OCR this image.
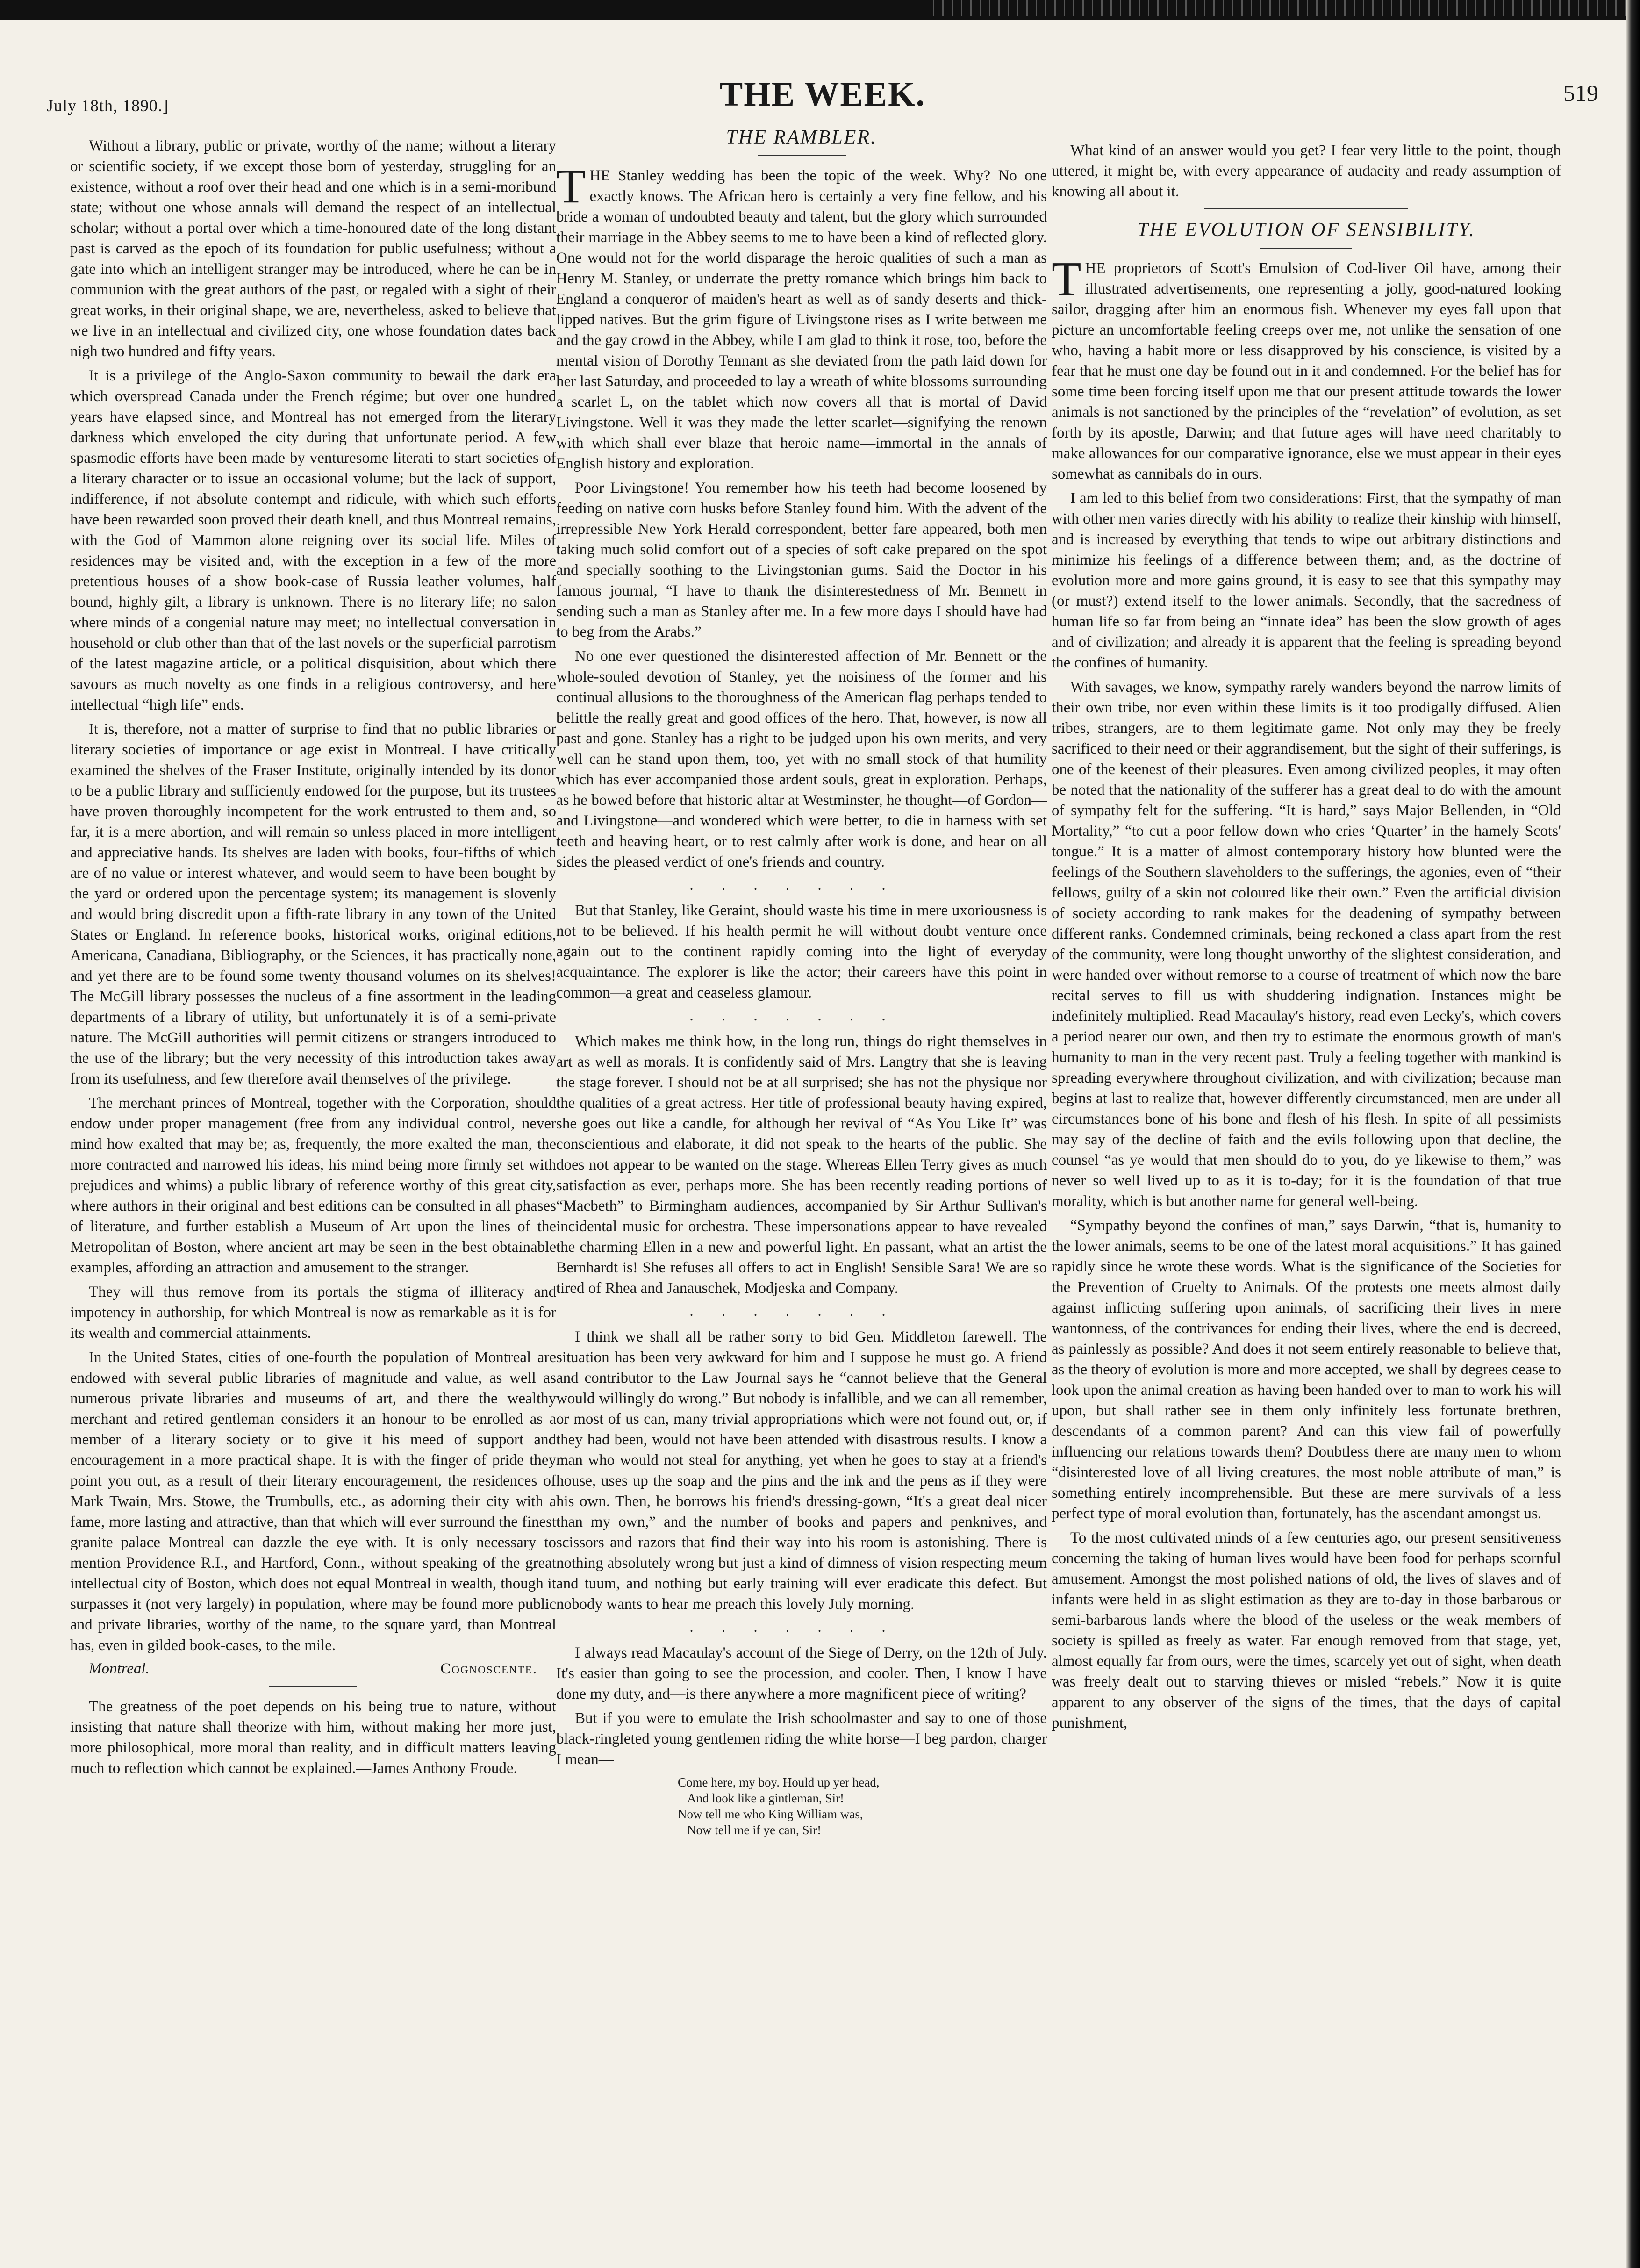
July 18th, 1890.]	THE WEEK.	519

Without a library, public or private, worthy of the name; without a literary or scientific society, if we except those born of yesterday, struggling for an existence, without a roof over their head and one which is in a semi-moribund state; without one whose annals will demand the respect of an intellectual scholar; without a portal over which a time-honoured date of the long distant past is carved as the epoch of its foundation for public usefulness; without a gate into which an intelligent stranger may be introduced, where he can be in communion with the great authors of the past, or regaled with a sight of their great works, in their original shape, we are, nevertheless, asked to believe that we live in an intellectual and civilized city, one whose foundation dates back nigh two hundred and fifty years.

It is a privilege of the Anglo-Saxon community to bewail the dark era which overspread Canada under the French régime; but over one hundred years have elapsed since, and Montreal has not emerged from the literary darkness which enveloped the city during that unfortunate period. A few spasmodic efforts have been made by venturesome literati to start societies of a literary character or to issue an occasional volume; but the lack of support, indifference, if not absolute contempt and ridicule, with which such efforts have been rewarded soon proved their death knell, and thus Montreal remains, with the God of Mammon alone reigning over its social life. Miles of residences may be visited and, with the exception in a few of the more pretentious houses of a show book-case of Russia leather volumes, half bound, highly gilt, a library is unknown. There is no literary life; no salon where minds of a congenial nature may meet; no intellectual conversation in household or club other than that of the last novels or the superficial parrotism of the latest magazine article, or a political disquisition, about which there savours as much novelty as one finds in a religious controversy, and here intellectual “high life” ends.

It is, therefore, not a matter of surprise to find that no public libraries or literary societies of importance or age exist in Montreal. I have critically examined the shelves of the Fraser Institute, originally intended by its donor to be a public library and sufficiently endowed for the purpose, but its trustees have proven thoroughly incompetent for the work entrusted to them and, so far, it is a mere abortion, and will remain so unless placed in more intelligent and appreciative hands. Its shelves are laden with books, four-fifths of which are of no value or interest whatever, and would seem to have been bought by the yard or ordered upon the percentage system; its management is slovenly and would bring discredit upon a fifth-rate library in any town of the United States or England. In reference books, historical works, original editions, Americana, Canadiana, Bibliography, or the Sciences, it has practically none, and yet there are to be found some twenty thousand volumes on its shelves! The McGill library possesses the nucleus of a fine assortment in the leading departments of a library of utility, but unfortunately it is of a semi-private nature. The McGill authorities will permit citizens or strangers introduced to the use of the library; but the very necessity of this introduction takes away from its usefulness, and few therefore avail themselves of the privilege.

The merchant princes of Montreal, together with the Corporation, should endow under proper management (free from any individual control, never mind how exalted that may be; as, frequently, the more exalted the man, the more contracted and narrowed his ideas, his mind being more firmly set with prejudices and whims) a public library of reference worthy of this great city, where authors in their original and best editions can be consulted in all phases of literature, and further establish a Museum of Art upon the lines of the Metropolitan of Boston, where ancient art may be seen in the best obtainable examples, affording an attraction and amusement to the stranger.

They will thus remove from its portals the stigma of illiteracy and impotency in authorship, for which Montreal is now as remarkable as it is for its wealth and commercial attainments.

In the United States, cities of one-fourth the population of Montreal are endowed with several public libraries of magnitude and value, as well as numerous private libraries and museums of art, and there the wealthy merchant and retired gentleman considers it an honour to be enrolled as a member of a literary society or to give it his meed of support and encouragement in a more practical shape. It is with the finger of pride they point you out, as a result of their literary encouragement, the residences of Mark Twain, Mrs. Stowe, the Trumbulls, etc., as adorning their city with a fame, more lasting and attractive, than that which will ever surround the finest granite palace Montreal can dazzle the eye with. It is only necessary to mention Providence R.I., and Hartford, Conn., without speaking of the great intellectual city of Boston, which does not equal Montreal in wealth, though it surpasses it (not very largely) in population, where may be found more public and private libraries, worthy of the name, to the square yard, than Montreal has, even in gilded book-cases, to the mile.

Montreal.	Cognoscente.

The greatness of the poet depends on his being true to nature, without insisting that nature shall theorize with him, without making her more just, more philosophical, more moral than reality, and in difficult matters leaving much to reflection which cannot be explained.—James Anthony Froude.

THE RAMBLER.

THE Stanley wedding has been the topic of the week. Why? No one exactly knows. The African hero is certainly a very fine fellow, and his bride a woman of undoubted beauty and talent, but the glory which surrounded their marriage in the Abbey seems to me to have been a kind of reflected glory. One would not for the world disparage the heroic qualities of such a man as Henry M. Stanley, or underrate the pretty romance which brings him back to England a conqueror of maiden's heart as well as of sandy deserts and thick-lipped natives. But the grim figure of Livingstone rises as I write between me and the gay crowd in the Abbey, while I am glad to think it rose, too, before the mental vision of Dorothy Tennant as she deviated from the path laid down for her last Saturday, and proceeded to lay a wreath of white blossoms surrounding a scarlet L, on the tablet which now covers all that is mortal of David Livingstone. Well it was they made the letter scarlet—signifying the renown with which shall ever blaze that heroic name—immortal in the annals of English history and exploration.

Poor Livingstone! You remember how his teeth had become loosened by feeding on native corn husks before Stanley found him. With the advent of the irrepressible New York Herald correspondent, better fare appeared, both men taking much solid comfort out of a species of soft cake prepared on the spot and specially soothing to the Livingstonian gums. Said the Doctor in his famous journal, “I have to thank the disinterestedness of Mr. Bennett in sending such a man as Stanley after me. In a few more days I should have had to beg from the Arabs.”

No one ever questioned the disinterested affection of Mr. Bennett or the whole-souled devotion of Stanley, yet the noisiness of the former and his continual allusions to the thoroughness of the American flag perhaps tended to belittle the really great and good offices of the hero. That, however, is now all past and gone. Stanley has a right to be judged upon his own merits, and very well can he stand upon them, too, yet with no small stock of that humility which has ever accompanied those ardent souls, great in exploration. Perhaps, as he bowed before that historic altar at Westminster, he thought—of Gordon—and Livingstone—and wondered which were better, to die in harness with set teeth and heaving heart, or to rest calmly after work is done, and hear on all sides the pleased verdict of one's friends and country.

.......

But that Stanley, like Geraint, should waste his time in mere uxoriousness is not to be believed. If his health permit he will without doubt venture once again out to the continent rapidly coming into the light of everyday acquaintance. The explorer is like the actor; their careers have this point in common—a great and ceaseless glamour.

.......

Which makes me think how, in the long run, things do right themselves in art as well as morals. It is confidently said of Mrs. Langtry that she is leaving the stage forever. I should not be at all surprised; she has not the physique nor the qualities of a great actress. Her title of professional beauty having expired, she goes out like a candle, for although her revival of “As You Like It” was conscientious and elaborate, it did not speak to the hearts of the public. She does not appear to be wanted on the stage. Whereas Ellen Terry gives as much satisfaction as ever, perhaps more. She has been recently reading portions of “Macbeth” to Birmingham audiences, accompanied by Sir Arthur Sullivan's incidental music for orchestra. These impersonations appear to have revealed the charming Ellen in a new and powerful light. En passant, what an artist the Bernhardt is! She refuses all offers to act in English! Sensible Sara! We are so tired of Rhea and Janauschek, Modjeska and Company.

.......

I think we shall all be rather sorry to bid Gen. Middleton farewell. The situation has been very awkward for him and I suppose he must go. A friend and contributor to the Law Journal says he “cannot believe that the General would willingly do wrong.” But nobody is infallible, and we can all remember, or most of us can, many trivial appropriations which were not found out, or, if they had been, would not have been attended with disastrous results. I know a man who would not steal for anything, yet when he goes to stay at a friend's house, uses up the soap and the pins and the ink and the pens as if they were his own. Then, he borrows his friend's dressing-gown, “It's a great deal nicer than my own,” and the number of books and papers and penknives, and scissors and razors that find their way into his room is astonishing. There is nothing absolutely wrong but just a kind of dimness of vision respecting meum and tuum, and nothing but early training will ever eradicate this defect. But nobody wants to hear me preach this lovely July morning.

.......

I always read Macaulay's account of the Siege of Derry, on the 12th of July. It's easier than going to see the procession, and cooler. Then, I know I have done my duty, and—is there anywhere a more magnificent piece of writing?

But if you were to emulate the Irish schoolmaster and say to one of those black-ringleted young gentlemen riding the white horse—I beg pardon, charger I mean—

Come here, my boy. Hould up yer head,
And look like a gintleman, Sir!
Now tell me who King William was,
Now tell me if ye can, Sir!

What kind of an answer would you get? I fear very little to the point, though uttered, it might be, with every appearance of audacity and ready assumption of knowing all about it.

THE EVOLUTION OF SENSIBILITY.

THE proprietors of Scott's Emulsion of Cod-liver Oil have, among their illustrated advertisements, one representing a jolly, good-natured looking sailor, dragging after him an enormous fish. Whenever my eyes fall upon that picture an uncomfortable feeling creeps over me, not unlike the sensation of one who, having a habit more or less disapproved by his conscience, is visited by a fear that he must one day be found out in it and condemned. For the belief has for some time been forcing itself upon me that our present attitude towards the lower animals is not sanctioned by the principles of the “revelation” of evolution, as set forth by its apostle, Darwin; and that future ages will have need charitably to make allowances for our comparative ignorance, else we must appear in their eyes somewhat as cannibals do in ours.

I am led to this belief from two considerations: First, that the sympathy of man with other men varies directly with his ability to realize their kinship with himself, and is increased by everything that tends to wipe out arbitrary distinctions and minimize his feelings of a difference between them; and, as the doctrine of evolution more and more gains ground, it is easy to see that this sympathy may (or must?) extend itself to the lower animals. Secondly, that the sacredness of human life so far from being an “innate idea” has been the slow growth of ages and of civilization; and already it is apparent that the feeling is spreading beyond the confines of humanity.

With savages, we know, sympathy rarely wanders beyond the narrow limits of their own tribe, nor even within these limits is it too prodigally diffused. Alien tribes, strangers, are to them legitimate game. Not only may they be freely sacrificed to their need or their aggrandisement, but the sight of their sufferings, is one of the keenest of their pleasures. Even among civilized peoples, it may often be noted that the nationality of the sufferer has a great deal to do with the amount of sympathy felt for the suffering. “It is hard,” says Major Bellenden, in “Old Mortality,” “to cut a poor fellow down who cries ‘Quarter’ in the hamely Scots' tongue.” It is a matter of almost contemporary history how blunted were the feelings of the Southern slaveholders to the sufferings, the agonies, even of “their fellows, guilty of a skin not coloured like their own.” Even the artificial division of society according to rank makes for the deadening of sympathy between different ranks. Condemned criminals, being reckoned a class apart from the rest of the community, were long thought unworthy of the slightest consideration, and were handed over without remorse to a course of treatment of which now the bare recital serves to fill us with shuddering indignation. Instances might be indefinitely multiplied. Read Macaulay's history, read even Lecky's, which covers a period nearer our own, and then try to estimate the enormous growth of man's humanity to man in the very recent past. Truly a feeling together with mankind is spreading everywhere throughout civilization, and with civilization; because man begins at last to realize that, however differently circumstanced, men are under all circumstances bone of his bone and flesh of his flesh. In spite of all pessimists may say of the decline of faith and the evils following upon that decline, the counsel “as ye would that men should do to you, do ye likewise to them,” was never so well lived up to as it is to-day; for it is the foundation of that true morality, which is but another name for general well-being.

“Sympathy beyond the confines of man,” says Darwin, “that is, humanity to the lower animals, seems to be one of the latest moral acquisitions.” It has gained rapidly since he wrote these words. What is the significance of the Societies for the Prevention of Cruelty to Animals. Of the protests one meets almost daily against inflicting suffering upon animals, of sacrificing their lives in mere wantonness, of the contrivances for ending their lives, where the end is decreed, as painlessly as possible? And does it not seem entirely reasonable to believe that, as the theory of evolution is more and more accepted, we shall by degrees cease to look upon the animal creation as having been handed over to man to work his will upon, but shall rather see in them only infinitely less fortunate brethren, descendants of a common parent? And can this view fail of powerfully influencing our relations towards them? Doubtless there are many men to whom “disinterested love of all living creatures, the most noble attribute of man,” is something entirely incomprehensible. But these are mere survivals of a less perfect type of moral evolution than, fortunately, has the ascendant amongst us.

To the most cultivated minds of a few centuries ago, our present sensitiveness concerning the taking of human lives would have been food for perhaps scornful amusement. Amongst the most polished nations of old, the lives of slaves and of infants were held in as slight estimation as they are to-day in those barbarous or semi-barbarous lands where the blood of the useless or the weak members of society is spilled as freely as water. Far enough removed from that stage, yet, almost equally far from ours, were the times, scarcely yet out of sight, when death was freely dealt out to starving thieves or misled “rebels.” Now it is quite apparent to any observer of the signs of the times, that the days of capital punishment,
